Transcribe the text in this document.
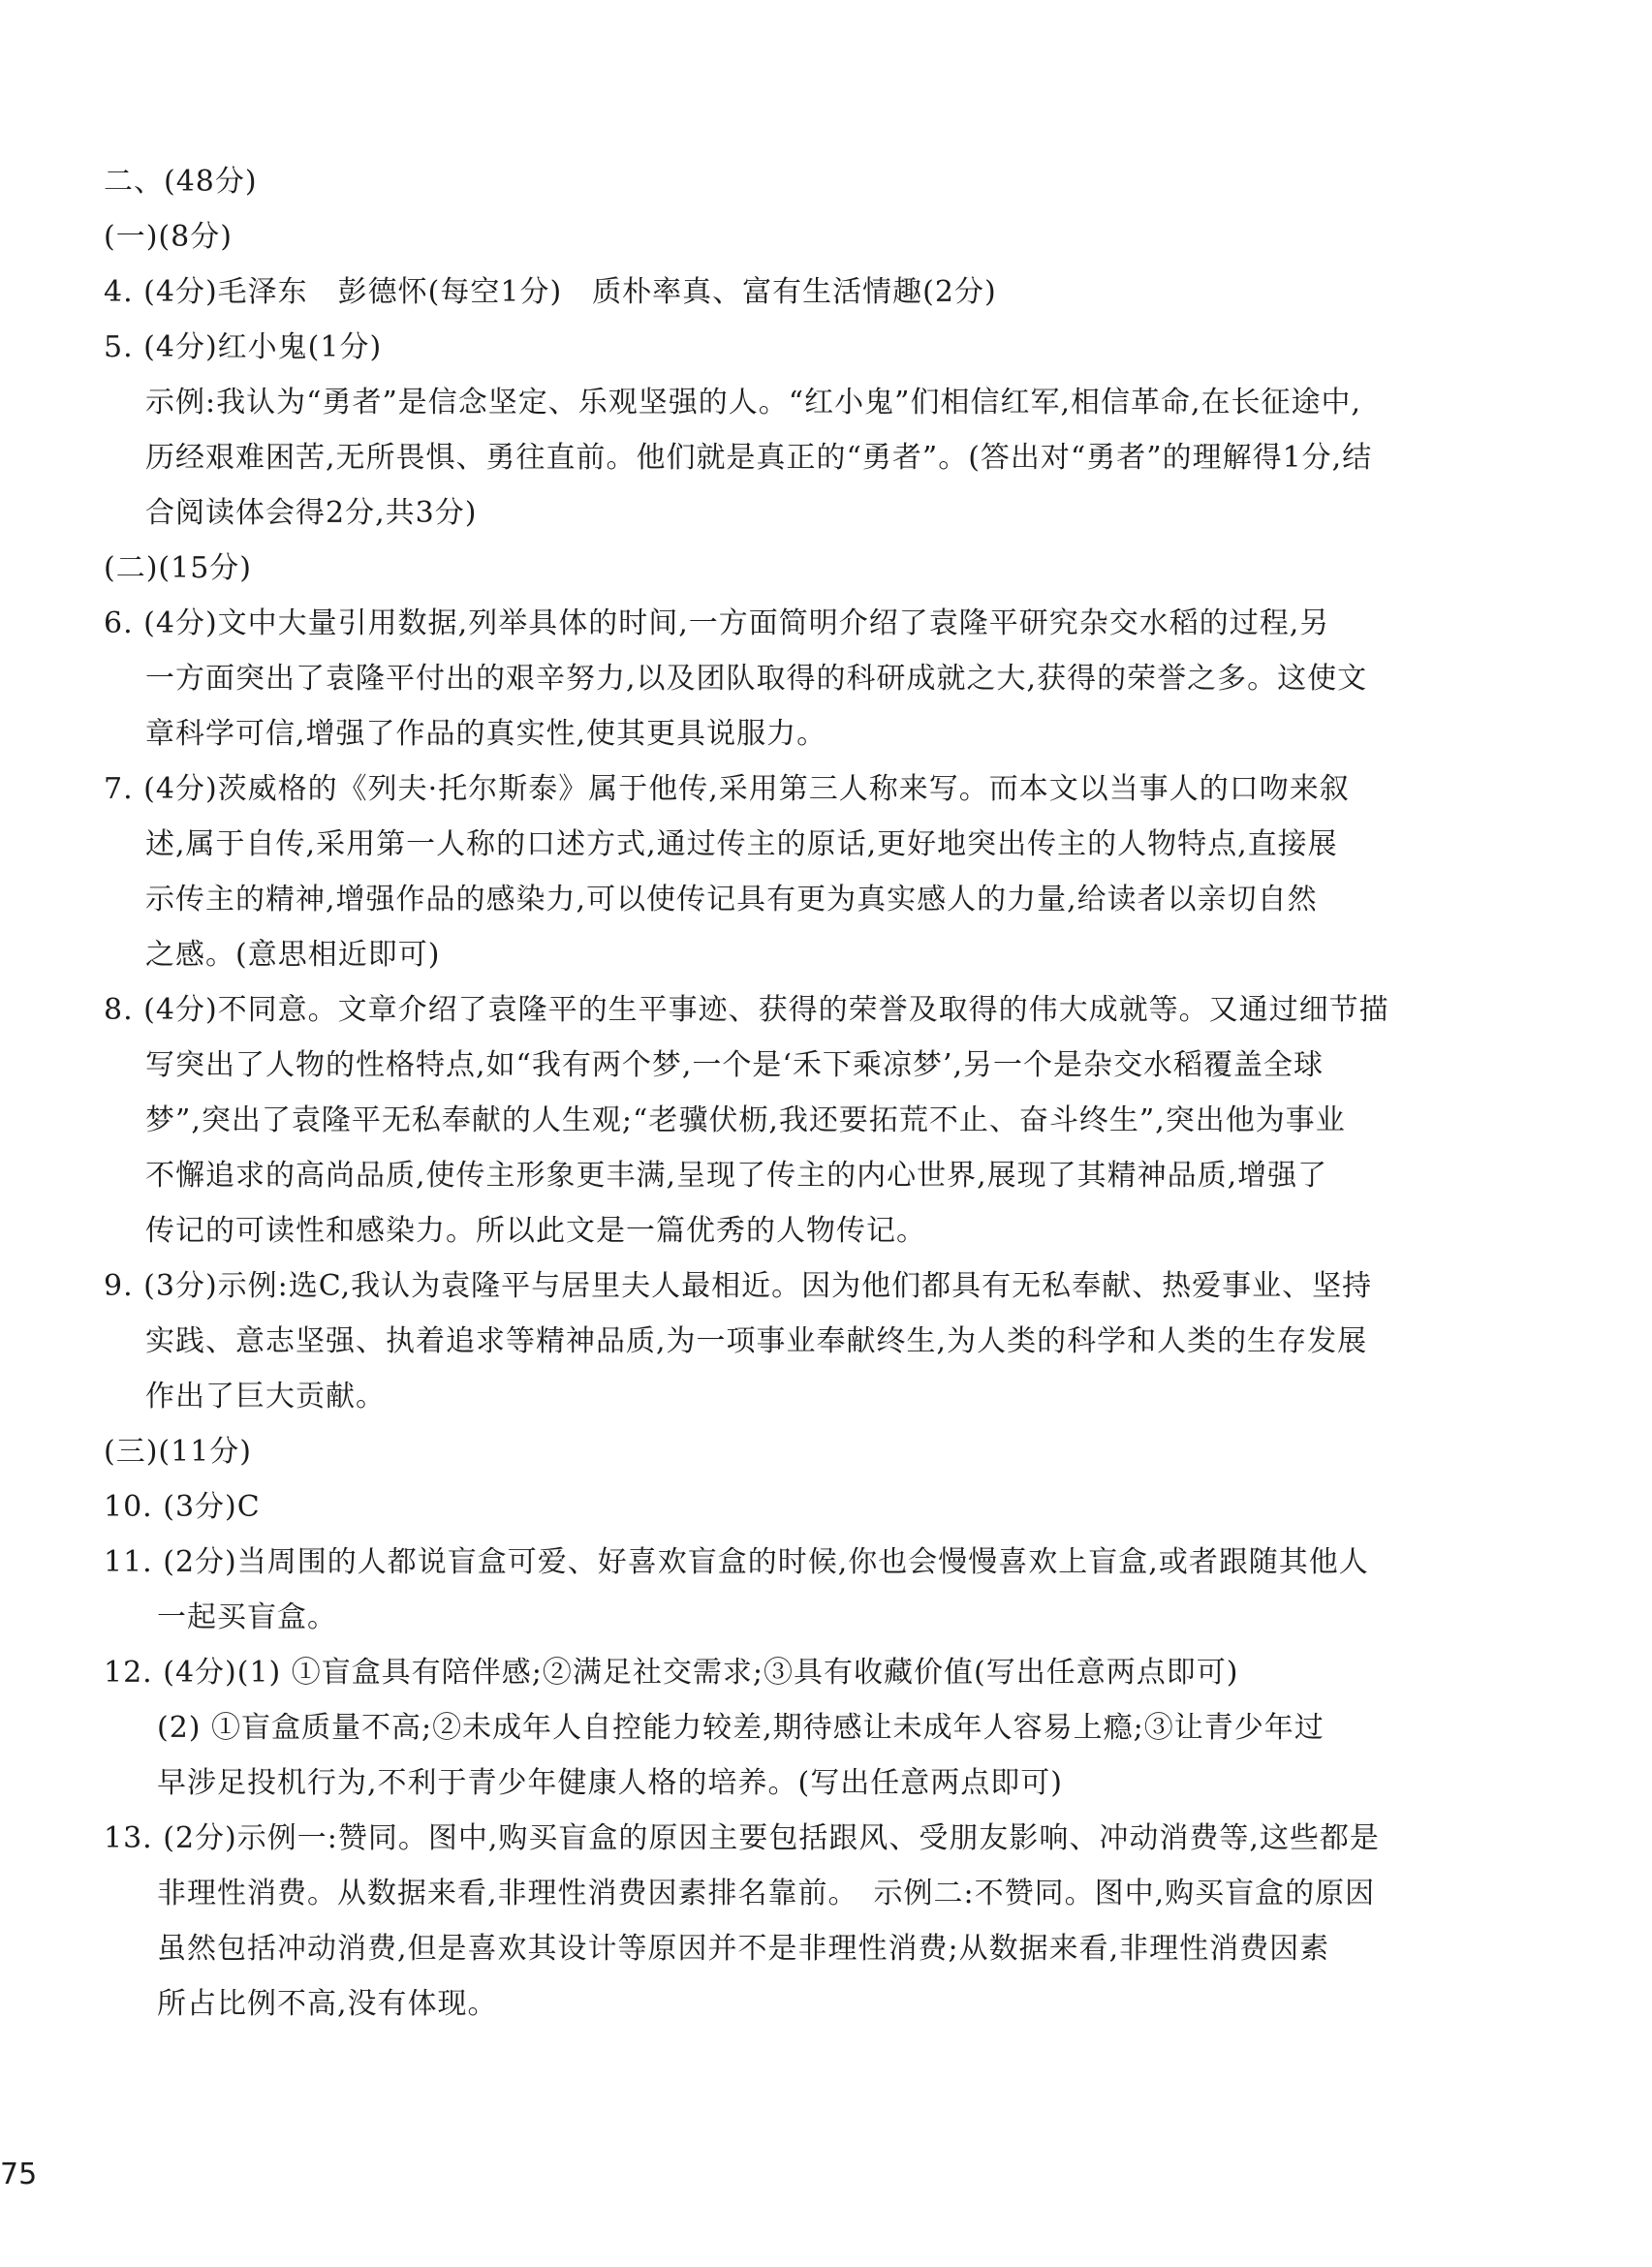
二、(48分)
(一)(8分)
4. (4分)毛泽东　彭德怀(每空1分)　质朴率真、富有生活情趣(2分)
5. (4分)红小鬼(1分)
示例:我认为“勇者”是信念坚定、乐观坚强的人。“红小鬼”们相信红军,相信革命,在长征途中,
历经艰难困苦,无所畏惧、勇往直前。他们就是真正的“勇者”。(答出对“勇者”的理解得1分,结
合阅读体会得2分,共3分)
(二)(15分)
6. (4分)文中大量引用数据,列举具体的时间,一方面简明介绍了袁隆平研究杂交水稻的过程,另
一方面突出了袁隆平付出的艰辛努力,以及团队取得的科研成就之大,获得的荣誉之多。这使文
章科学可信,增强了作品的真实性,使其更具说服力。
7. (4分)茨威格的《列夫·托尔斯泰》属于他传,采用第三人称来写。而本文以当事人的口吻来叙
述,属于自传,采用第一人称的口述方式,通过传主的原话,更好地突出传主的人物特点,直接展
示传主的精神,增强作品的感染力,可以使传记具有更为真实感人的力量,给读者以亲切自然
之感。(意思相近即可)
8. (4分)不同意。文章介绍了袁隆平的生平事迹、获得的荣誉及取得的伟大成就等。又通过细节描
写突出了人物的性格特点,如“我有两个梦,一个是‘禾下乘凉梦’,另一个是杂交水稻覆盖全球
梦”,突出了袁隆平无私奉献的人生观;“老骥伏枥,我还要拓荒不止、奋斗终生”,突出他为事业
不懈追求的高尚品质,使传主形象更丰满,呈现了传主的内心世界,展现了其精神品质,增强了
传记的可读性和感染力。所以此文是一篇优秀的人物传记。
9. (3分)示例:选C,我认为袁隆平与居里夫人最相近。因为他们都具有无私奉献、热爱事业、坚持
实践、意志坚强、执着追求等精神品质,为一项事业奉献终生,为人类的科学和人类的生存发展
作出了巨大贡献。
(三)(11分)
10. (3分)C
11. (2分)当周围的人都说盲盒可爱、好喜欢盲盒的时候,你也会慢慢喜欢上盲盒,或者跟随其他人
一起买盲盒。
12. (4分)(1) ①盲盒具有陪伴感;②满足社交需求;③具有收藏价值(写出任意两点即可)
(2) ①盲盒质量不高;②未成年人自控能力较差,期待感让未成年人容易上瘾;③让青少年过
早涉足投机行为,不利于青少年健康人格的培养。(写出任意两点即可)
13. (2分)示例一:赞同。图中,购买盲盒的原因主要包括跟风、受朋友影响、冲动消费等,这些都是
非理性消费。从数据来看,非理性消费因素排名靠前。　示例二:不赞同。图中,购买盲盒的原因
虽然包括冲动消费,但是喜欢其设计等原因并不是非理性消费;从数据来看,非理性消费因素
所占比例不高,没有体现。
75
